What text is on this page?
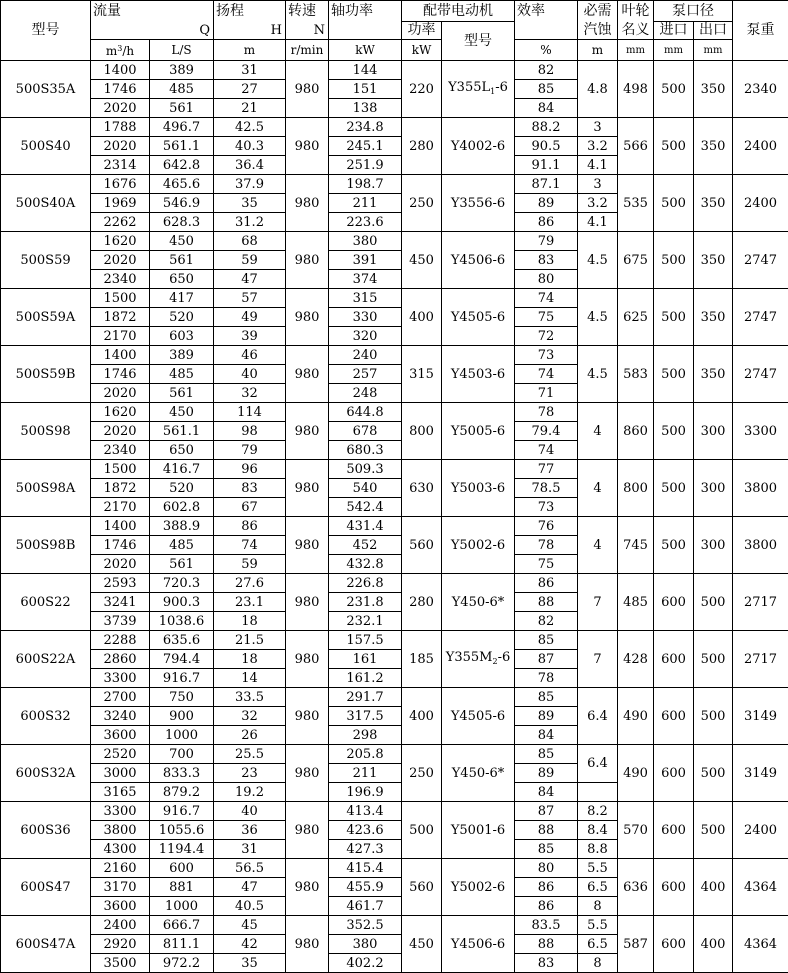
型号	流量		扬程	转速	轴功率	配带电动机		效率	必需	叶轮	泵口径		泵重
	Q		H	N		功率	型号		汽蚀	名义	进口	出口	
	$m^3/h$	L/S	m	r/min	kW	kW		%	m	mm	mm	mm	
500S35A	1400	389	31	980	144	220	$Y355L_1-6$	82	4.8	498	500	350	2340
	1746	485	27		151			85					
	2020	561	21		138			84					
500S40	1788	496.7	42.5	980	234.8	280	Y4002-6	88.2	3	566	500	350	2400
	2020	561.1	40.3		245.1			90.5	3.2				
	2314	642.8	36.4		251.9			91.1	4.1				
500S40A	1676	465.6	37.9	980	198.7	250	Y3556-6	87.1	3	535	500	350	2400
	1969	546.9	35		211			89	3.2				
	2262	628.3	31.2		223.6			86	4.1				
500S59	1620	450	68	980	380	450	Y4506-6	79	4.5	675	500	350	2747
	2020	561	59		391			83					
	2340	650	47		374			80					
500S59A	1500	417	57	980	315	400	Y4505-6	74	4.5	625	500	350	2747
	1872	520	49		330			75					
	2170	603	39		320			72					
500S59B	1400	389	46	980	240	315	Y4503-6	73	4.5	583	500	350	2747
	1746	485	40		257			74					
	2020	561	32		248			71					
500S98	1620	450	114	980	644.8	800	Y5005-6	78	4	860	500	300	3300
	2020	561.1	98		678			79.4					
	2340	650	79		680.3			74					
500S98A	1500	416.7	96	980	509.3	630	Y5003-6	77	4	800	500	300	3800
	1872	520	83		540			78.5					
	2170	602.8	67		542.4			73					
500S98B	1400	388.9	86	980	431.4	560	Y5002-6	76	4	745	500	300	3800
	1746	485	74		452			78					
	2020	561	59		432.8			75					
600S22	2593	720.3	27.6	980	226.8	280	Y450-6*	86	7	485	600	500	2717
	3241	900.3	23.1		231.8			88					
	3739	1038.6	18		232.1			82					
600S22A	2288	635.6	21.5	980	157.5	185	$Y355M_2-6$	85	7	428	600	500	2717
	2860	794.4	18		161			87					
	3300	916.7	14		161.2			78					
600S32	2700	750	33.5	980	291.7	400	Y4505-6	85	6.4	490	600	500	3149
	3240	900	32		317.5			89					
	3600	1000	26		298			84					
600S32A	2520	700	25.5	980	205.8	250	Y450-6*	85	6.4	490	600	500	3149
	3000	833.3	23		211			89					
	3165	879.2	19.2		196.9			84					
600S36	3300	916.7	40	980	413.4	500	Y5001-6	87	8.2	570	600	500	2400
	3800	1055.6	36		423.6			88	8.4				
	4300	1194.4	31		427.3			85	8.8				
600S47	2160	600	56.5	980	415.4	560	Y5002-6	80	5.5	636	600	400	4364
	3170	881	47		455.9			86	6.5				
	3600	1000	40.5		461.7			86	8				
600S47A	2400	666.7	45	980	352.5	450	Y4506-6	83.5	5.5	587	600	400	4364
	2920	811.1	42		380			88	6.5				
	3500	972.2	35		402.2			83	8				
